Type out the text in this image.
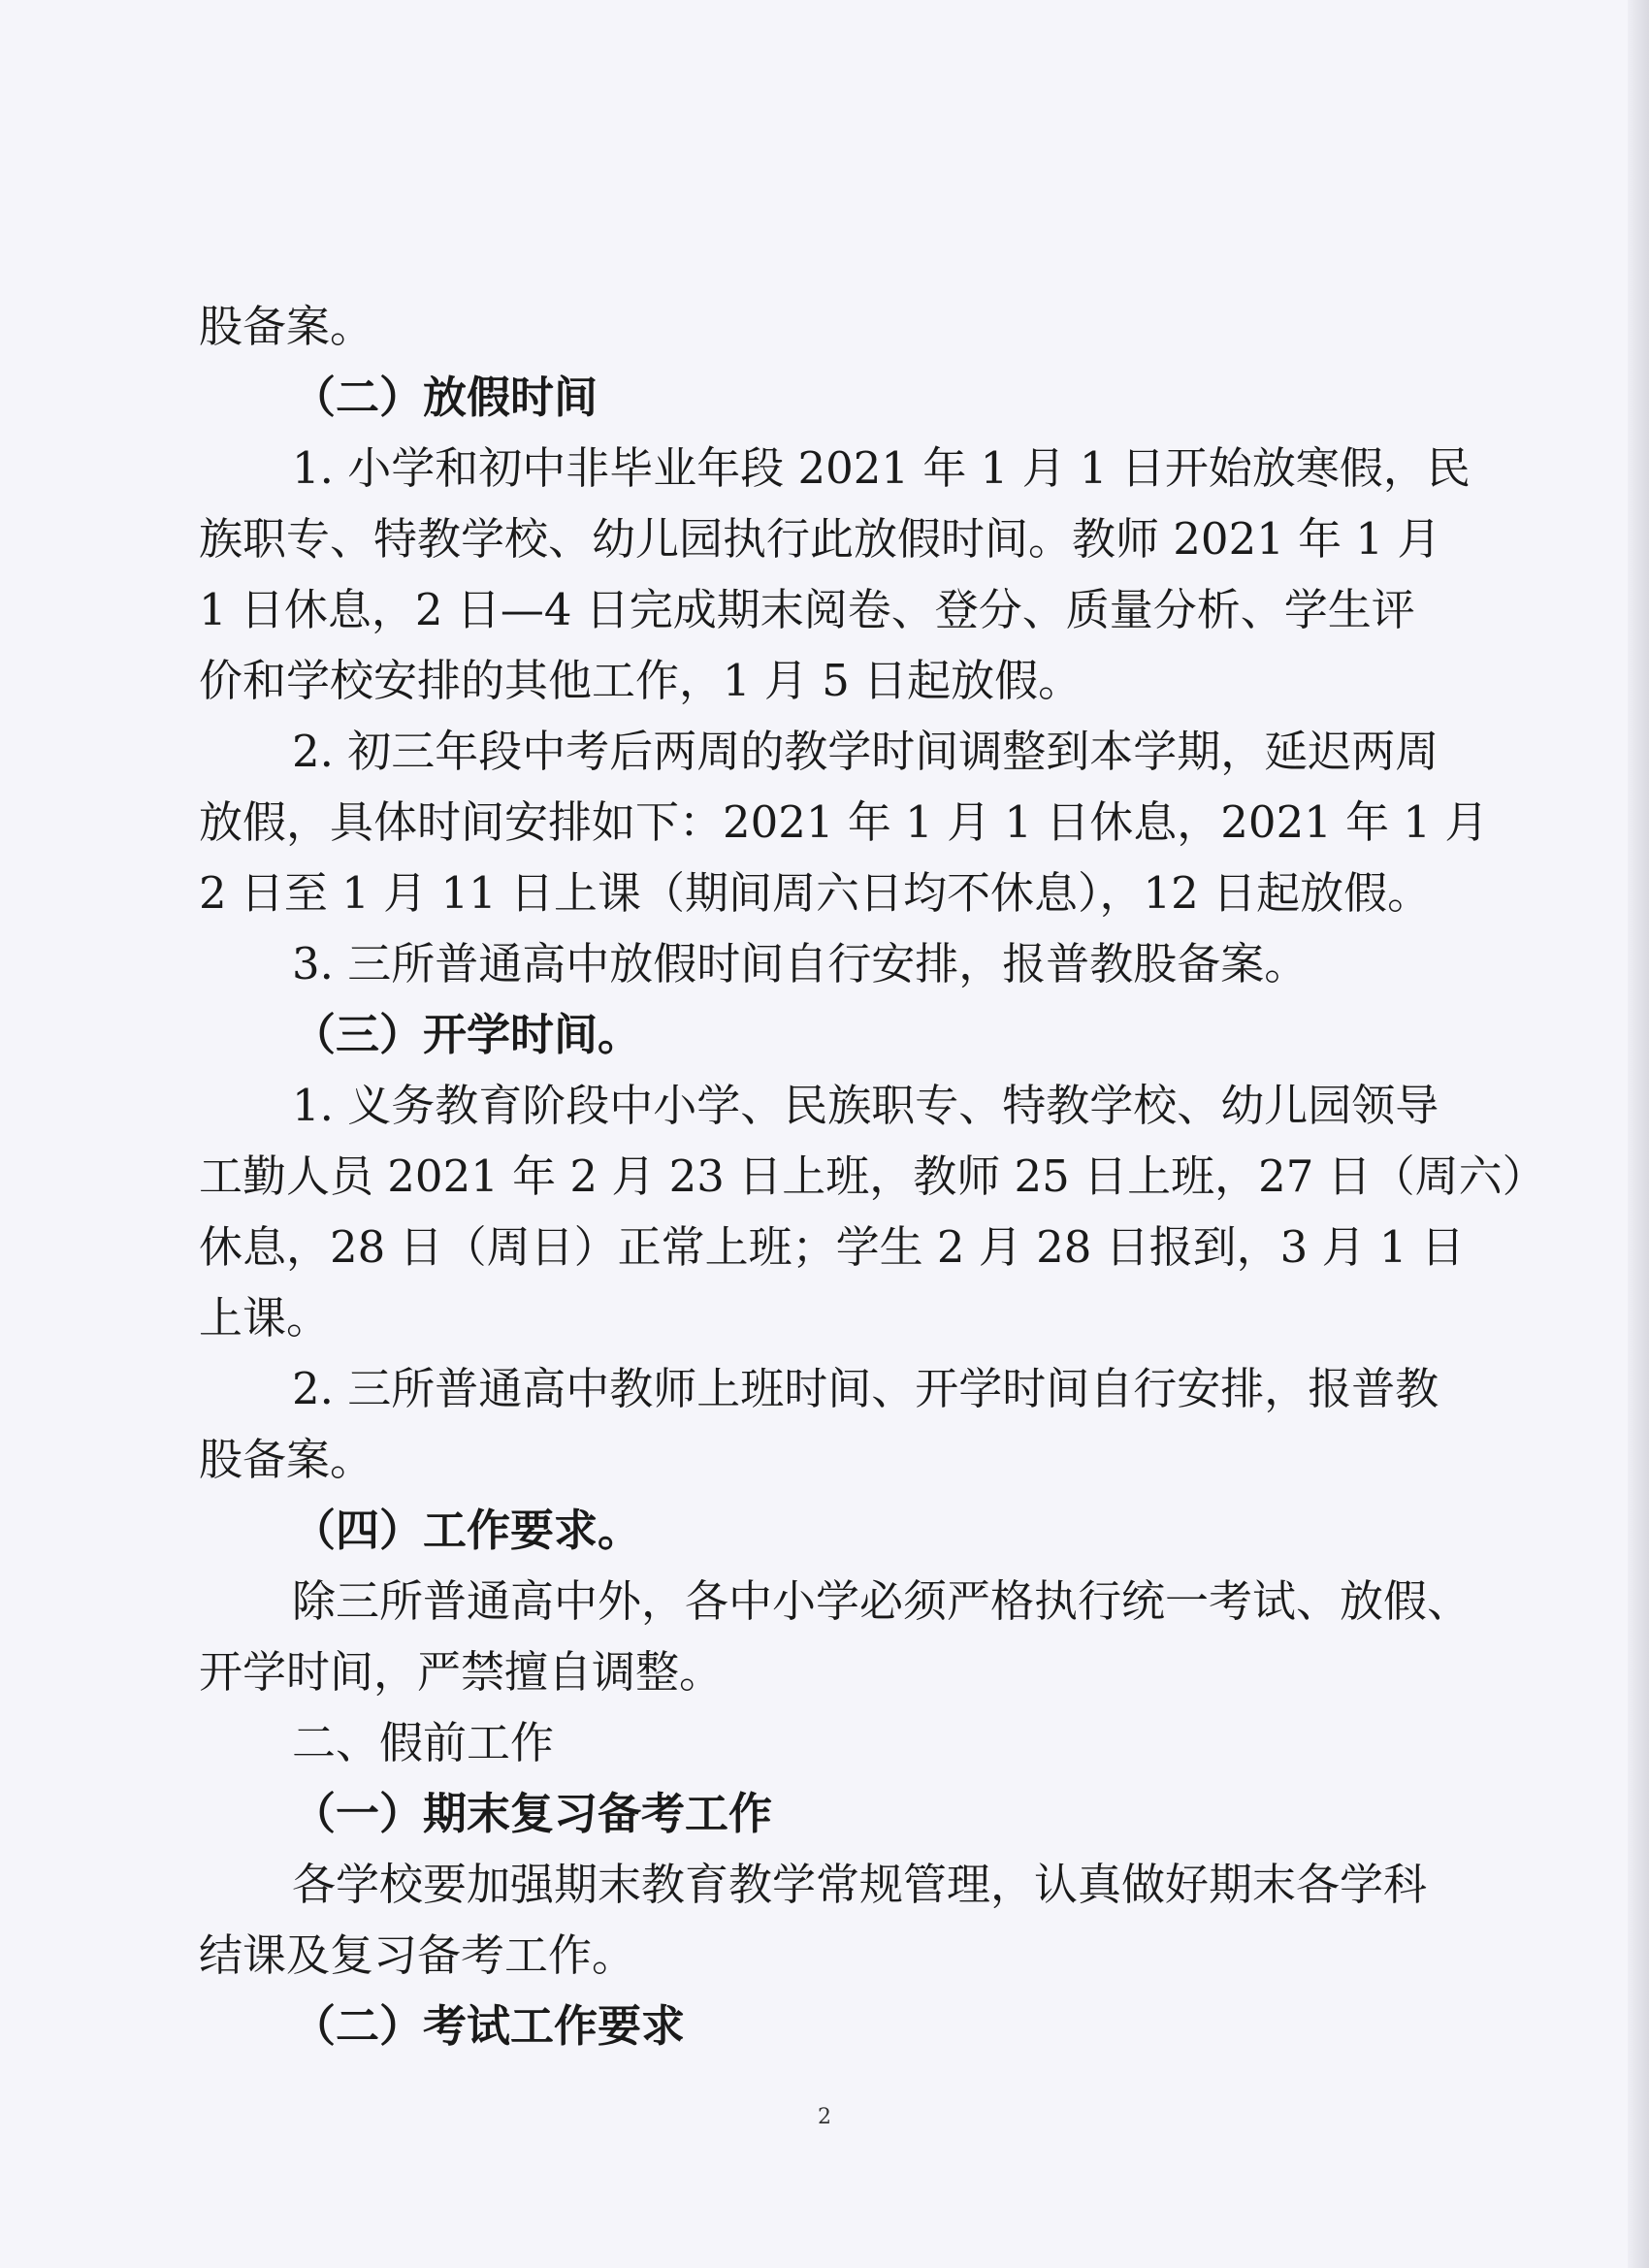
股备案。
（二）放假时间
1. 小学和初中非毕业年段 2021 年 1 月 1 日开始放寒假，民
族职专、特教学校、幼儿园执行此放假时间。教师 2021 年 1 月
1 日休息，2 日—4 日完成期末阅卷、登分、质量分析、学生评
价和学校安排的其他工作，1 月 5 日起放假。
2. 初三年段中考后两周的教学时间调整到本学期，延迟两周
放假，具体时间安排如下：2021 年 1 月 1 日休息，2021 年 1 月
2 日至 1 月 11 日上课（期间周六日均不休息），12 日起放假。
3. 三所普通高中放假时间自行安排，报普教股备案。
（三）开学时间。
1. 义务教育阶段中小学、民族职专、特教学校、幼儿园领导
工勤人员 2021 年 2 月 23 日上班，教师 25 日上班，27 日（周六）
休息，28 日（周日）正常上班；学生 2 月 28 日报到，3 月 1 日
上课。
2. 三所普通高中教师上班时间、开学时间自行安排，报普教
股备案。
（四）工作要求。
除三所普通高中外，各中小学必须严格执行统一考试、放假、
开学时间，严禁擅自调整。
二、假前工作
（一）期末复习备考工作
各学校要加强期末教育教学常规管理，认真做好期末各学科
结课及复习备考工作。
（二）考试工作要求
2
